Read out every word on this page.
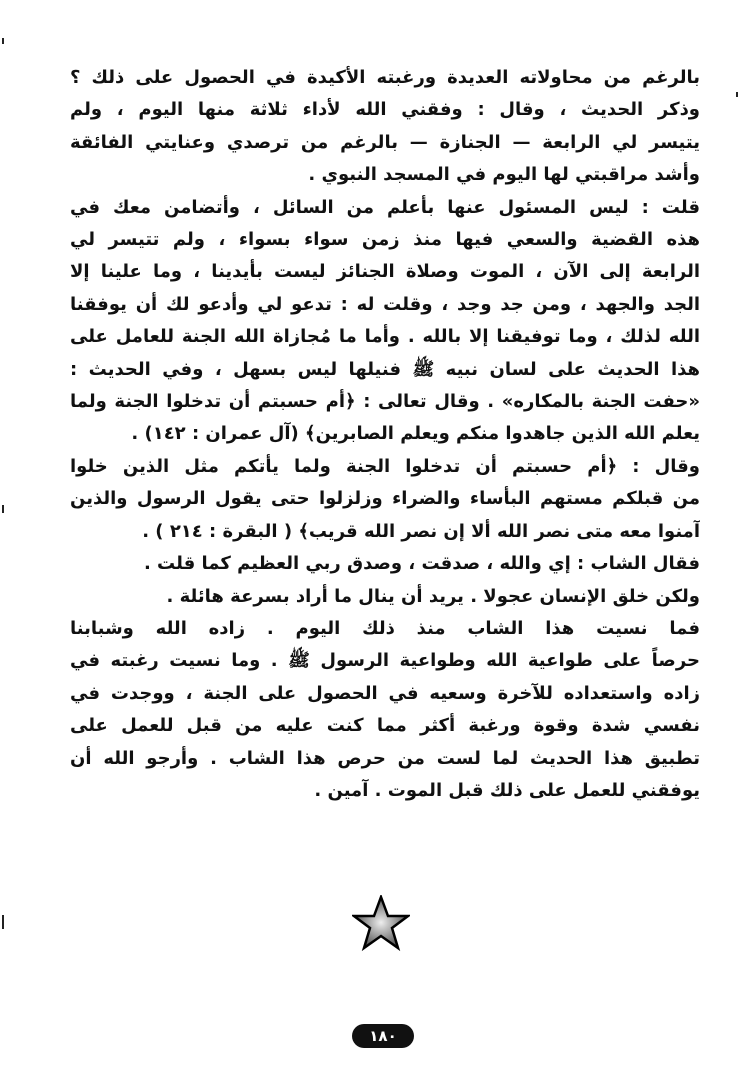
بالرغم من محاولاته العديدة ورغبته الأكيدة في الحصول على ذلك ؟
وذكر الحديث ، وقال : وفقني الله لأداء ثلاثة منها اليوم ، ولم
يتيسر لي الرابعة — الجنازة — بالرغم من ترصدي وعنايتي الفائقة
وأشد مراقبتي لها اليوم في المسجد النبوي .
قلت : ليس المسئول عنها بأعلم من السائل ، وأتضامن معك في
هذه القضية والسعي فيها منذ زمن سواء بسواء ، ولم تتيسر لي
الرابعة إلى الآن ، الموت وصلاة الجنائز ليست بأيدينا ، وما علينا إلا
الجد والجهد ، ومن جد وجد ، وقلت له : تدعو لي وأدعو لك أن يوفقنا
الله لذلك ، وما توفيقنا إلا بالله . وأما ما مُجازاة الله الجنة للعامل على
هذا الحديث على لسان نبيه ﷺ فنيلها ليس بسهل ، وفي الحديث :
«حفت الجنة بالمكاره» . وقال تعالى : ﴿أم حسبتم أن تدخلوا الجنة ولما
يعلم الله الذين جاهدوا منكم ويعلم الصابرين﴾ (آل عمران : ١٤٢) .
وقال : ﴿أم حسبتم أن تدخلوا الجنة ولما يأتكم مثل الذين خلوا
من قبلكم مستهم البأساء والضراء وزلزلوا حتى يقول الرسول والذين
آمنوا معه متى نصر الله ألا إن نصر الله قريب﴾ ( البقرة : ٢١٤ ) .
فقال الشاب : إي والله ، صدقت ، وصدق ربي العظيم كما قلت .
ولكن خلق الإنسان عجولا . يريد أن ينال ما أراد بسرعة هائلة .
فما نسيت هذا الشاب منذ ذلك اليوم . زاده الله وشبابنا
حرصاً على طواعية الله وطواعية الرسول ﷺ . وما نسيت رغبته في
زاده واستعداده للآخرة وسعيه في الحصول على الجنة ، ووجدت في
نفسي شدة وقوة ورغبة أكثر مما كنت عليه من قبل للعمل على
تطبيق هذا الحديث لما لست من حرص هذا الشاب . وأرجو الله أن
يوفقني للعمل على ذلك قبل الموت . آمين .
١٨٠
